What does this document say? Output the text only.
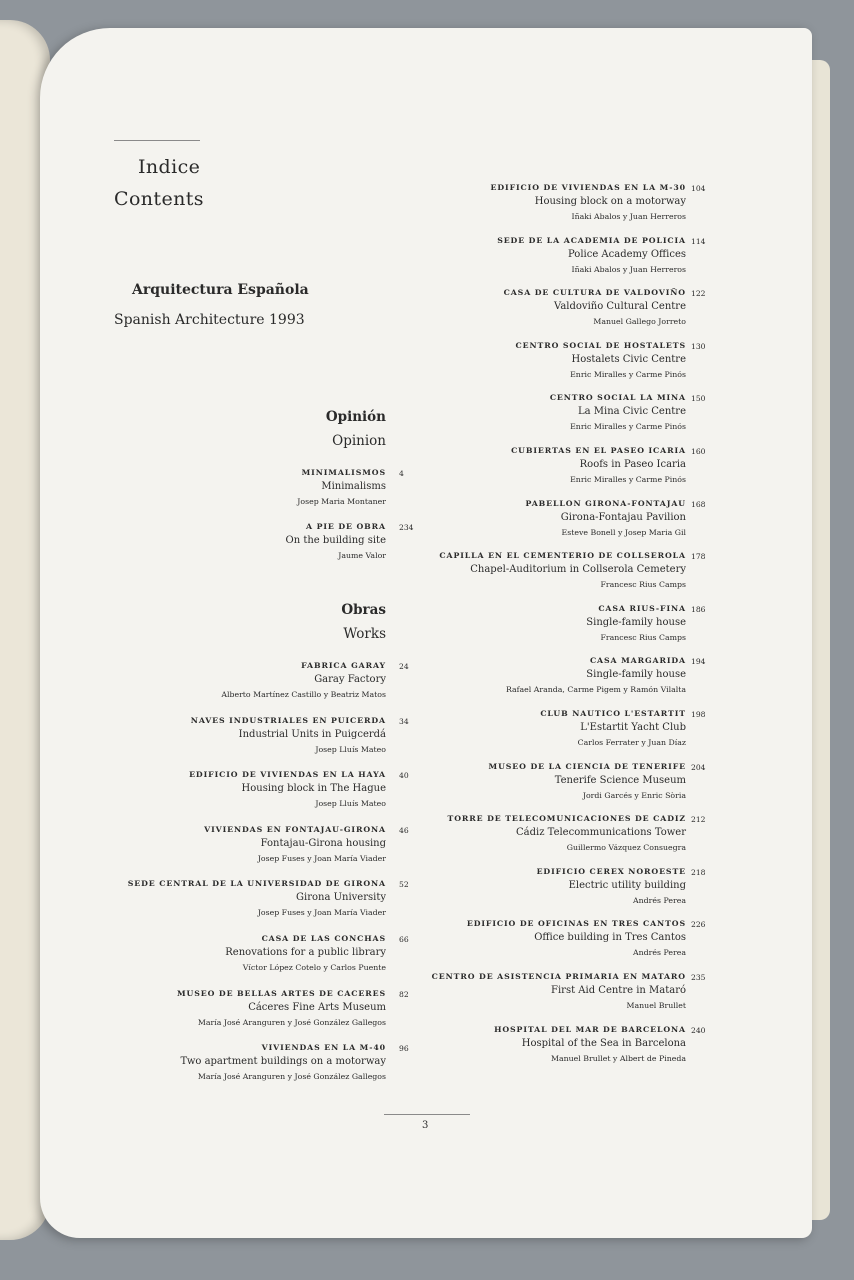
Indice
Contents
Arquitectura Española
Spanish Architecture 1993
Opinión
Opinion
Obras
Works
MINIMALISMOS
Minimalisms
Josep Maria Montaner
4
A PIE DE OBRA
On the building site
Jaume Valor
234
FABRICA GARAY
Garay Factory
Alberto Martínez Castillo y Beatriz Matos
24
NAVES INDUSTRIALES EN PUICERDA
Industrial Units in Puigcerdá
Josep Lluís Mateo
34
EDIFICIO DE VIVIENDAS EN LA HAYA
Housing block in The Hague
Josep Lluís Mateo
40
VIVIENDAS EN FONTAJAU-GIRONA
Fontajau-Girona housing
Josep Fuses y Joan María Viader
46
SEDE CENTRAL DE LA UNIVERSIDAD DE GIRONA
Girona University
Josep Fuses y Joan María Viader
52
CASA DE LAS CONCHAS
Renovations for a public library
Víctor López Cotelo y Carlos Puente
66
MUSEO DE BELLAS ARTES DE CACERES
Cáceres Fine Arts Museum
María José Aranguren y José González Gallegos
82
VIVIENDAS EN LA M-40
Two apartment buildings on a motorway
María José Aranguren y José González Gallegos
96
EDIFICIO DE VIVIENDAS EN LA M-30
Housing block on a motorway
Iñaki Abalos y Juan Herreros
104
SEDE DE LA ACADEMIA DE POLICIA
Police Academy Offices
Iñaki Abalos y Juan Herreros
114
CASA DE CULTURA DE VALDOVIÑO
Valdoviño Cultural Centre
Manuel Gallego Jorreto
122
CENTRO SOCIAL DE HOSTALETS
Hostalets Civic Centre
Enric Miralles y Carme Pinós
130
CENTRO SOCIAL LA MINA
La Mina Civic Centre
Enric Miralles y Carme Pinós
150
CUBIERTAS EN EL PASEO ICARIA
Roofs in Paseo Icaria
Enric Miralles y Carme Pinós
160
PABELLON GIRONA-FONTAJAU
Girona-Fontajau Pavilion
Esteve Bonell y Josep Maria Gil
168
CAPILLA EN EL CEMENTERIO DE COLLSEROLA
Chapel-Auditorium in Collserola Cemetery
Francesc Rius Camps
178
CASA RIUS-FINA
Single-family house
Francesc Rius Camps
186
CASA MARGARIDA
Single-family house
Rafael Aranda, Carme Pigem y Ramón Vilalta
194
CLUB NAUTICO L'ESTARTIT
L'Estartit Yacht Club
Carlos Ferrater y Juan Díaz
198
MUSEO DE LA CIENCIA DE TENERIFE
Tenerife Science Museum
Jordi Garcés y Enric Sòria
204
TORRE DE TELECOMUNICACIONES DE CADIZ
Cádiz Telecommunications Tower
Guillermo Vázquez Consuegra
212
EDIFICIO CEREX NOROESTE
Electric utility building
Andrés Perea
218
EDIFICIO DE OFICINAS EN TRES CANTOS
Office building in Tres Cantos
Andrés Perea
226
CENTRO DE ASISTENCIA PRIMARIA EN MATARO
First Aid Centre in Mataró
Manuel Brullet
235
HOSPITAL DEL MAR DE BARCELONA
Hospital of the Sea in Barcelona
Manuel Brullet y Albert de Pineda
240
3
